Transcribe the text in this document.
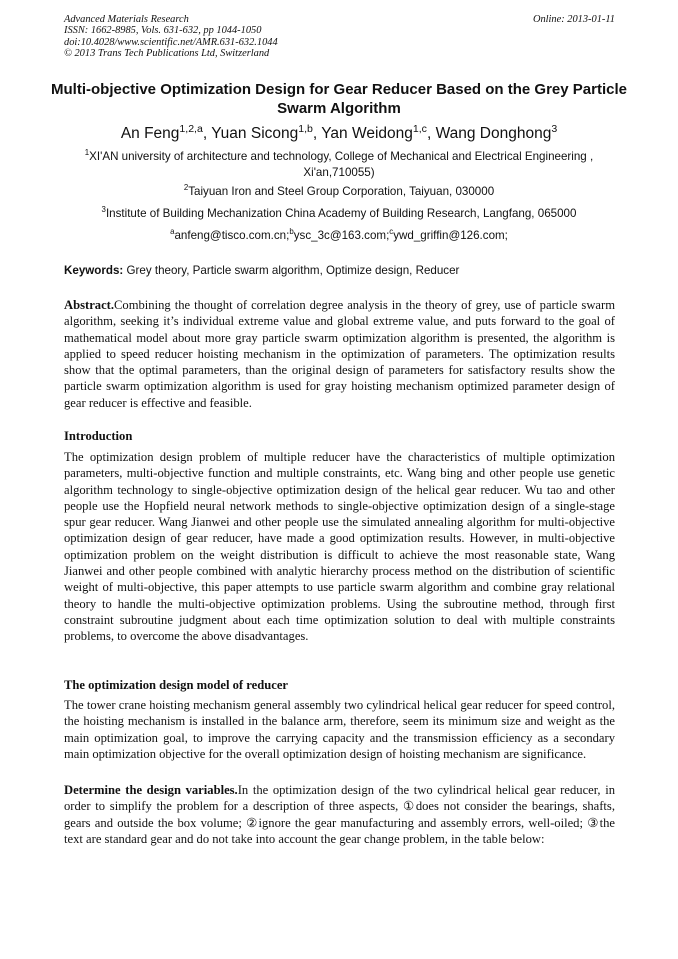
Advanced Materials Research
ISSN: 1662-8985, Vols. 631-632, pp 1044-1050
doi:10.4028/www.scientific.net/AMR.631-632.1044
© 2013 Trans Tech Publications Ltd, Switzerland
Online: 2013-01-11
Multi-objective Optimization Design for Gear Reducer Based on the Grey Particle Swarm Algorithm
An Feng$^{1,2,a}$, Yuan Sicong$^{1,b}$, Yan Weidong$^{1,c}$, Wang Donghong$^3$
$^1$XI'AN university of architecture and technology, College of Mechanical and Electrical Engineering , Xi'an,710055)
$^2$Taiyuan Iron and Steel Group Corporation, Taiyuan, 030000
$^3$Institute of Building Mechanization China Academy of Building Research, Langfang, 065000
$^a$anfeng@tisco.com.cn;$^b$ysc_3c@163.com;$^c$ywd_griffin@126.com;
Keywords: Grey theory, Particle swarm algorithm, Optimize design, Reducer
Abstract.Combining the thought of correlation degree analysis in the theory of grey, use of particle swarm algorithm, seeking it’s individual extreme value and global extreme value, and puts forward to the goal of mathematical model about more gray particle swarm optimization algorithm is presented, the algorithm is applied to speed reducer hoisting mechanism in the optimization of parameters. The optimization results show that the optimal parameters, than the original design of parameters for satisfactory results show the particle swarm optimization algorithm is used for gray hoisting mechanism optimized parameter design of gear reducer is effective and feasible.
Introduction
The optimization design problem of multiple reducer have the characteristics of multiple optimization parameters, multi-objective function and multiple constraints, etc. Wang bing and other people use genetic algorithm technology to single-objective optimization design of the helical gear reducer. Wu tao and other people use the Hopfield neural network methods to single-objective optimization design of a single-stage spur gear reducer. Wang Jianwei and other people use the simulated annealing algorithm for multi-objective optimization design of gear reducer, have made a good optimization results. However, in multi-objective optimization problem on the weight distribution is difficult to achieve the most reasonable state, Wang Jianwei and other people combined with analytic hierarchy process method on the distribution of scientific weight of multi-objective, this paper attempts to use particle swarm algorithm and combine gray relational theory to handle the multi-objective optimization problems. Using the subroutine method, through first constraint subroutine judgment about each time optimization solution to deal with multiple constraints problems, to overcome the above disadvantages.
The optimization design model of reducer
The tower crane hoisting mechanism general assembly two cylindrical helical gear reducer for speed control, the hoisting mechanism is installed in the balance arm, therefore, seem its minimum size and weight as the main optimization goal, to improve the carrying capacity and the transmission efficiency as a secondary main optimization objective for the overall optimization design of hoisting mechanism are significance.
Determine the design variables.In the optimization design of the two cylindrical helical gear reducer, in order to simplify the problem for a description of three aspects, ①does not consider the bearings, shafts, gears and outside the box volume; ②ignore the gear manufacturing and assembly errors, well-oiled; ③the text are standard gear and do not take into account the gear change problem, in the table below:
